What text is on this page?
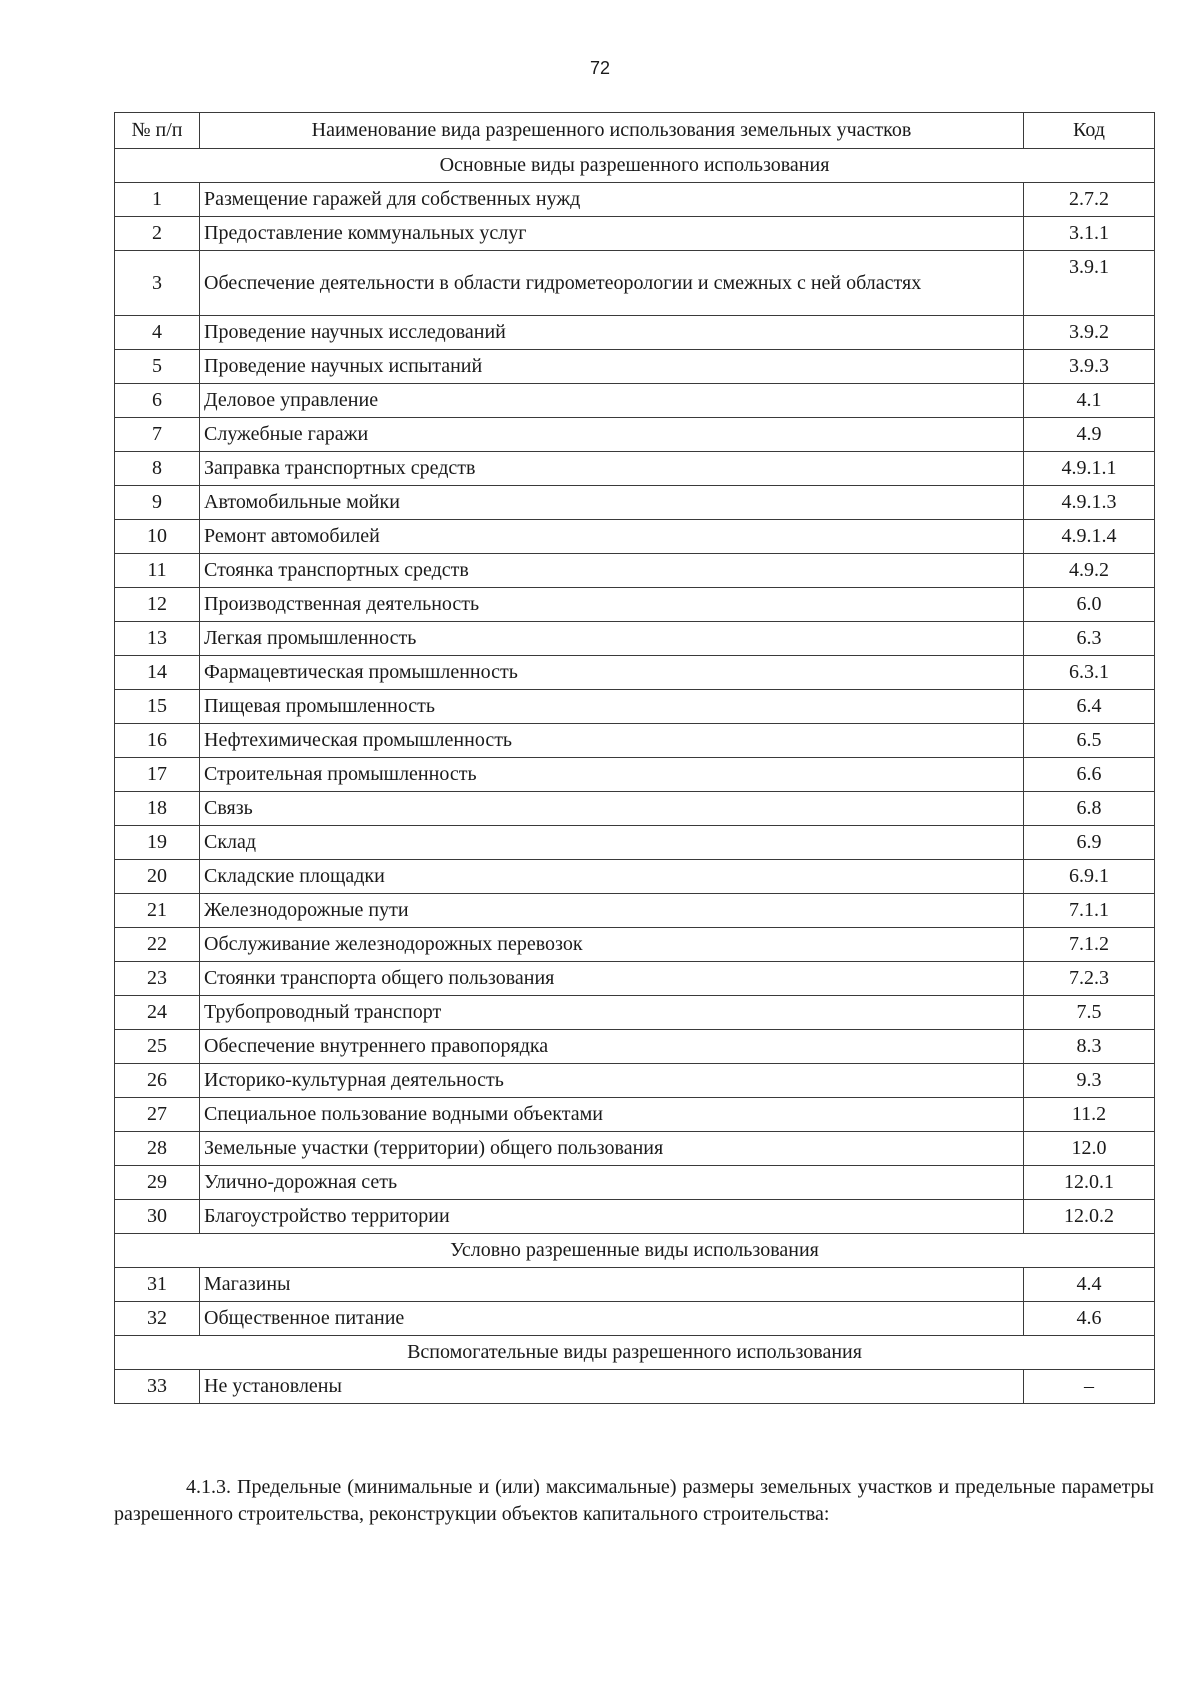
72
№ п/п	Наименование вида разрешенного использования земельных участков	Код
Основные виды разрешенного использования		
1	Размещение гаражей для собственных нужд	2.7.2
2	Предоставление коммунальных услуг	3.1.1
3	Обеспечение деятельности в области гидрометеорологии и смежных с ней областях	3.9.1
4	Проведение научных исследований	3.9.2
5	Проведение научных испытаний	3.9.3
6	Деловое управление	4.1
7	Служебные гаражи	4.9
8	Заправка транспортных средств	4.9.1.1
9	Автомобильные мойки	4.9.1.3
10	Ремонт автомобилей	4.9.1.4
11	Стоянка транспортных средств	4.9.2
12	Производственная деятельность	6.0
13	Легкая промышленность	6.3
14	Фармацевтическая промышленность	6.3.1
15	Пищевая промышленность	6.4
16	Нефтехимическая промышленность	6.5
17	Строительная промышленность	6.6
18	Связь	6.8
19	Склад	6.9
20	Складские площадки	6.9.1
21	Железнодорожные пути	7.1.1
22	Обслуживание железнодорожных перевозок	7.1.2
23	Стоянки транспорта общего пользования	7.2.3
24	Трубопроводный транспорт	7.5
25	Обеспечение внутреннего правопорядка	8.3
26	Историко-культурная деятельность	9.3
27	Специальное пользование водными объектами	11.2
28	Земельные участки (территории) общего пользования	12.0
29	Улично-дорожная сеть	12.0.1
30	Благоустройство территории	12.0.2
Условно разрешенные виды использования		
31	Магазины	4.4
32	Общественное питание	4.6
Вспомогательные виды разрешенного использования		
33	Не установлены	–
4.1.3. Предельные (минимальные и (или) максимальные) размеры земельных участков и предельные параметры разрешенного строительства, реконструкции объектов капитального строительства:
